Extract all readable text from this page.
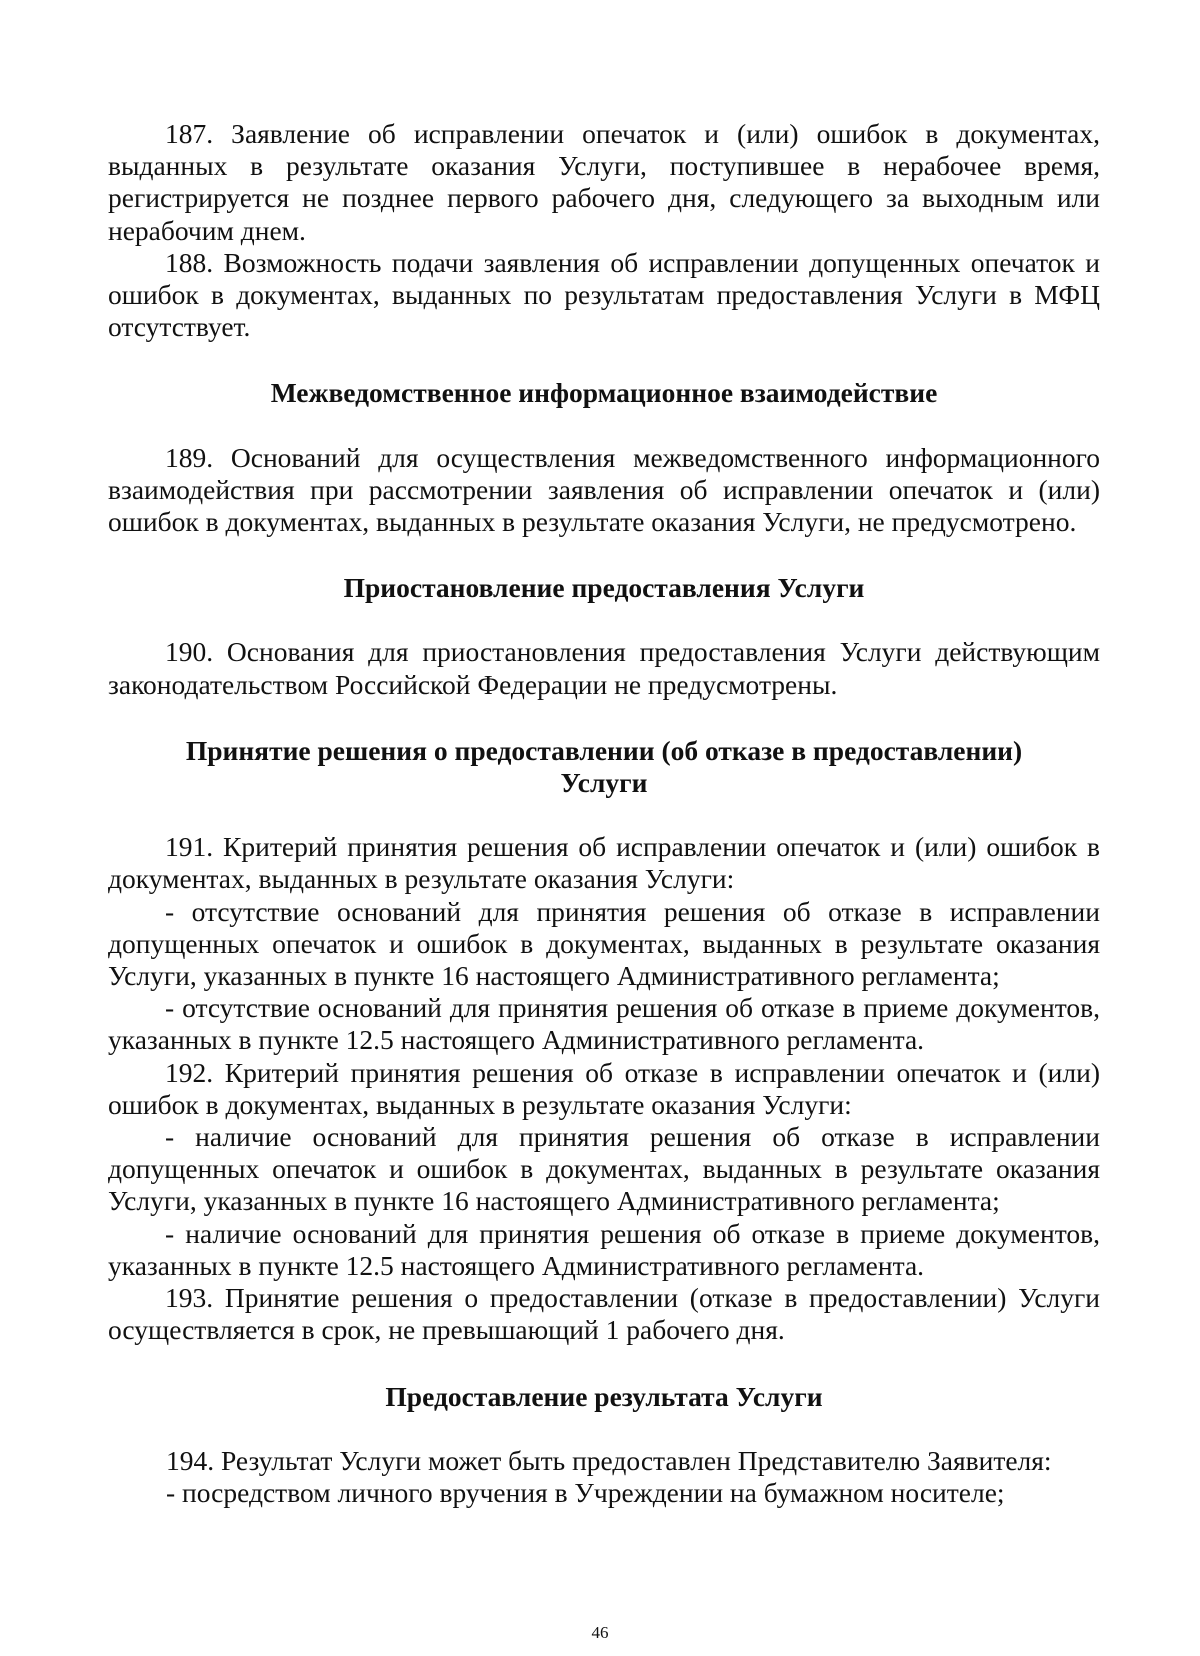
187. Заявление об исправлении опечаток и (или) ошибок в документах, выданных в результате оказания Услуги, поступившее в нерабочее время, регистрируется не позднее первого рабочего дня, следующего за выходным или нерабочим днем.

188. Возможность подачи заявления об исправлении допущенных опечаток и ошибок в документах, выданных по результатам предоставления Услуги в МФЦ отсутствует.

Межведомственное информационное взаимодействие

189. Оснований для осуществления межведомственного информационного взаимодействия при рассмотрении заявления об исправлении опечаток и (или) ошибок в документах, выданных в результате оказания Услуги, не предусмотрено.

Приостановление предоставления Услуги

190. Основания для приостановления предоставления Услуги действующим законодательством Российской Федерации не предусмотрены.

Принятие решения о предоставлении (об отказе в предоставлении)

Услуги

191. Критерий принятия решения об исправлении опечаток и (или) ошибок в документах, выданных в результате оказания Услуги:

- отсутствие оснований для принятия решения об отказе в исправлении допущенных опечаток и ошибок в документах, выданных в результате оказания Услуги, указанных в пункте 16 настоящего Административного регламента;

- отсутствие оснований для принятия решения об отказе в приеме документов, указанных в пункте 12.5 настоящего Административного регламента.

192. Критерий принятия решения об отказе в исправлении опечаток и (или) ошибок в документах, выданных в результате оказания Услуги:

- наличие оснований для принятия решения об отказе в исправлении допущенных опечаток и ошибок в документах, выданных в результате оказания Услуги, указанных в пункте 16 настоящего Административного регламента;

- наличие оснований для принятия решения об отказе в приеме документов, указанных в пункте 12.5 настоящего Административного регламента.

193. Принятие решения о предоставлении (отказе в предоставлении) Услуги осуществляется в срок, не превышающий 1 рабочего дня.

Предоставление результата Услуги

194. Результат Услуги может быть предоставлен Представителю Заявителя:

- посредством личного вручения в Учреждении на бумажном носителе;

46
